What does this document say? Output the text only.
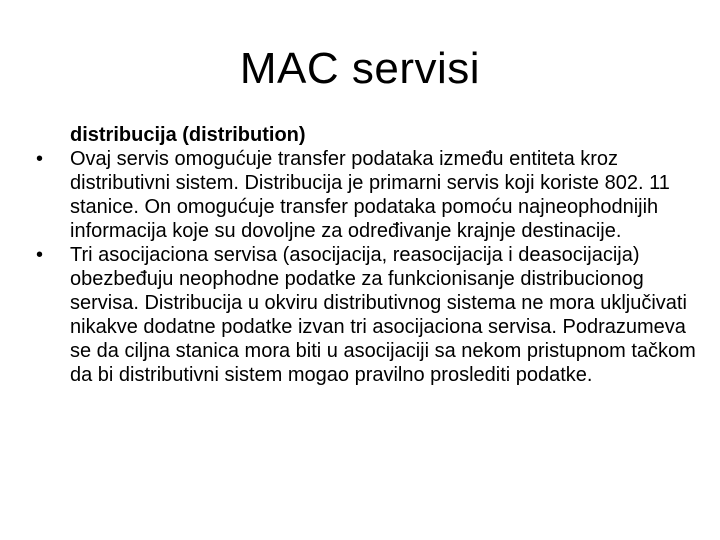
MAC servisi
distribucija (distribution)
•	Ovaj servis omogućuje transfer podataka između entiteta kroz distributivni sistem. Distribucija je primarni servis koji koriste 802. 11 stanice. On omogućuje transfer podataka pomoću najneophodnijih informacija koje su dovoljne za određivanje krajnje destinacije.
•	Tri asocijaciona servisa (asocijacija, reasocijacija i deasocijacija) obezbeđuju neophodne podatke za funkcionisanje distribucionog servisa. Distribucija u okviru distributivnog sistema ne mora uključivati nikakve dodatne podatke izvan tri asocijaciona servisa. Podrazumeva se da ciljna stanica mora biti u asocijaciji sa nekom pristupnom tačkom da bi distributivni sistem mogao pravilno proslediti podatke.
